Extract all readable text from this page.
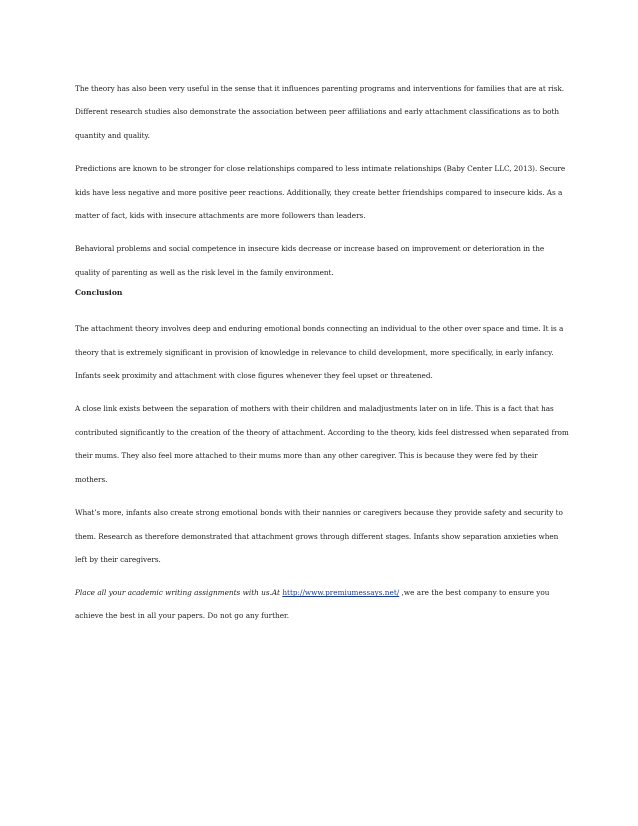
The theory has also been very useful in the sense that it influences parenting programs and interventions for families that are at risk. Different research studies also demonstrate the association between peer affiliations and early attachment classifications as to both quantity and quality.

Predictions are known to be stronger for close relationships compared to less intimate relationships (Baby Center LLC, 2013). Secure kids have less negative and more positive peer reactions. Additionally, they create better friendships compared to insecure kids. As a matter of fact, kids with insecure attachments are more followers than leaders.

Behavioral problems and social competence in insecure kids decrease or increase based on improvement or deterioration in the quality of parenting as well as the risk level in the family environment.

Conclusion

The attachment theory involves deep and enduring emotional bonds connecting an individual to the other over space and time. It is a theory that is extremely significant in provision of knowledge in relevance to child development, more specifically, in early infancy. Infants seek proximity and attachment with close figures whenever they feel upset or threatened.

A close link exists between the separation of mothers with their children and maladjustments later on in life. This is a fact that has contributed significantly to the creation of the theory of attachment. According to the theory, kids feel distressed when separated from their mums. They also feel more attached to their mums more than any other caregiver. This is because they were fed by their mothers.

What’s more, infants also create strong emotional bonds with their nannies or caregivers because they provide safety and security to them. Research as therefore demonstrated that attachment grows through different stages. Infants show separation anxieties when left by their caregivers.

Place all your academic writing assignments with us.At http://www.premiumessays.net/ ,we are the best company to ensure you achieve the best in all your papers. Do not go any further.
